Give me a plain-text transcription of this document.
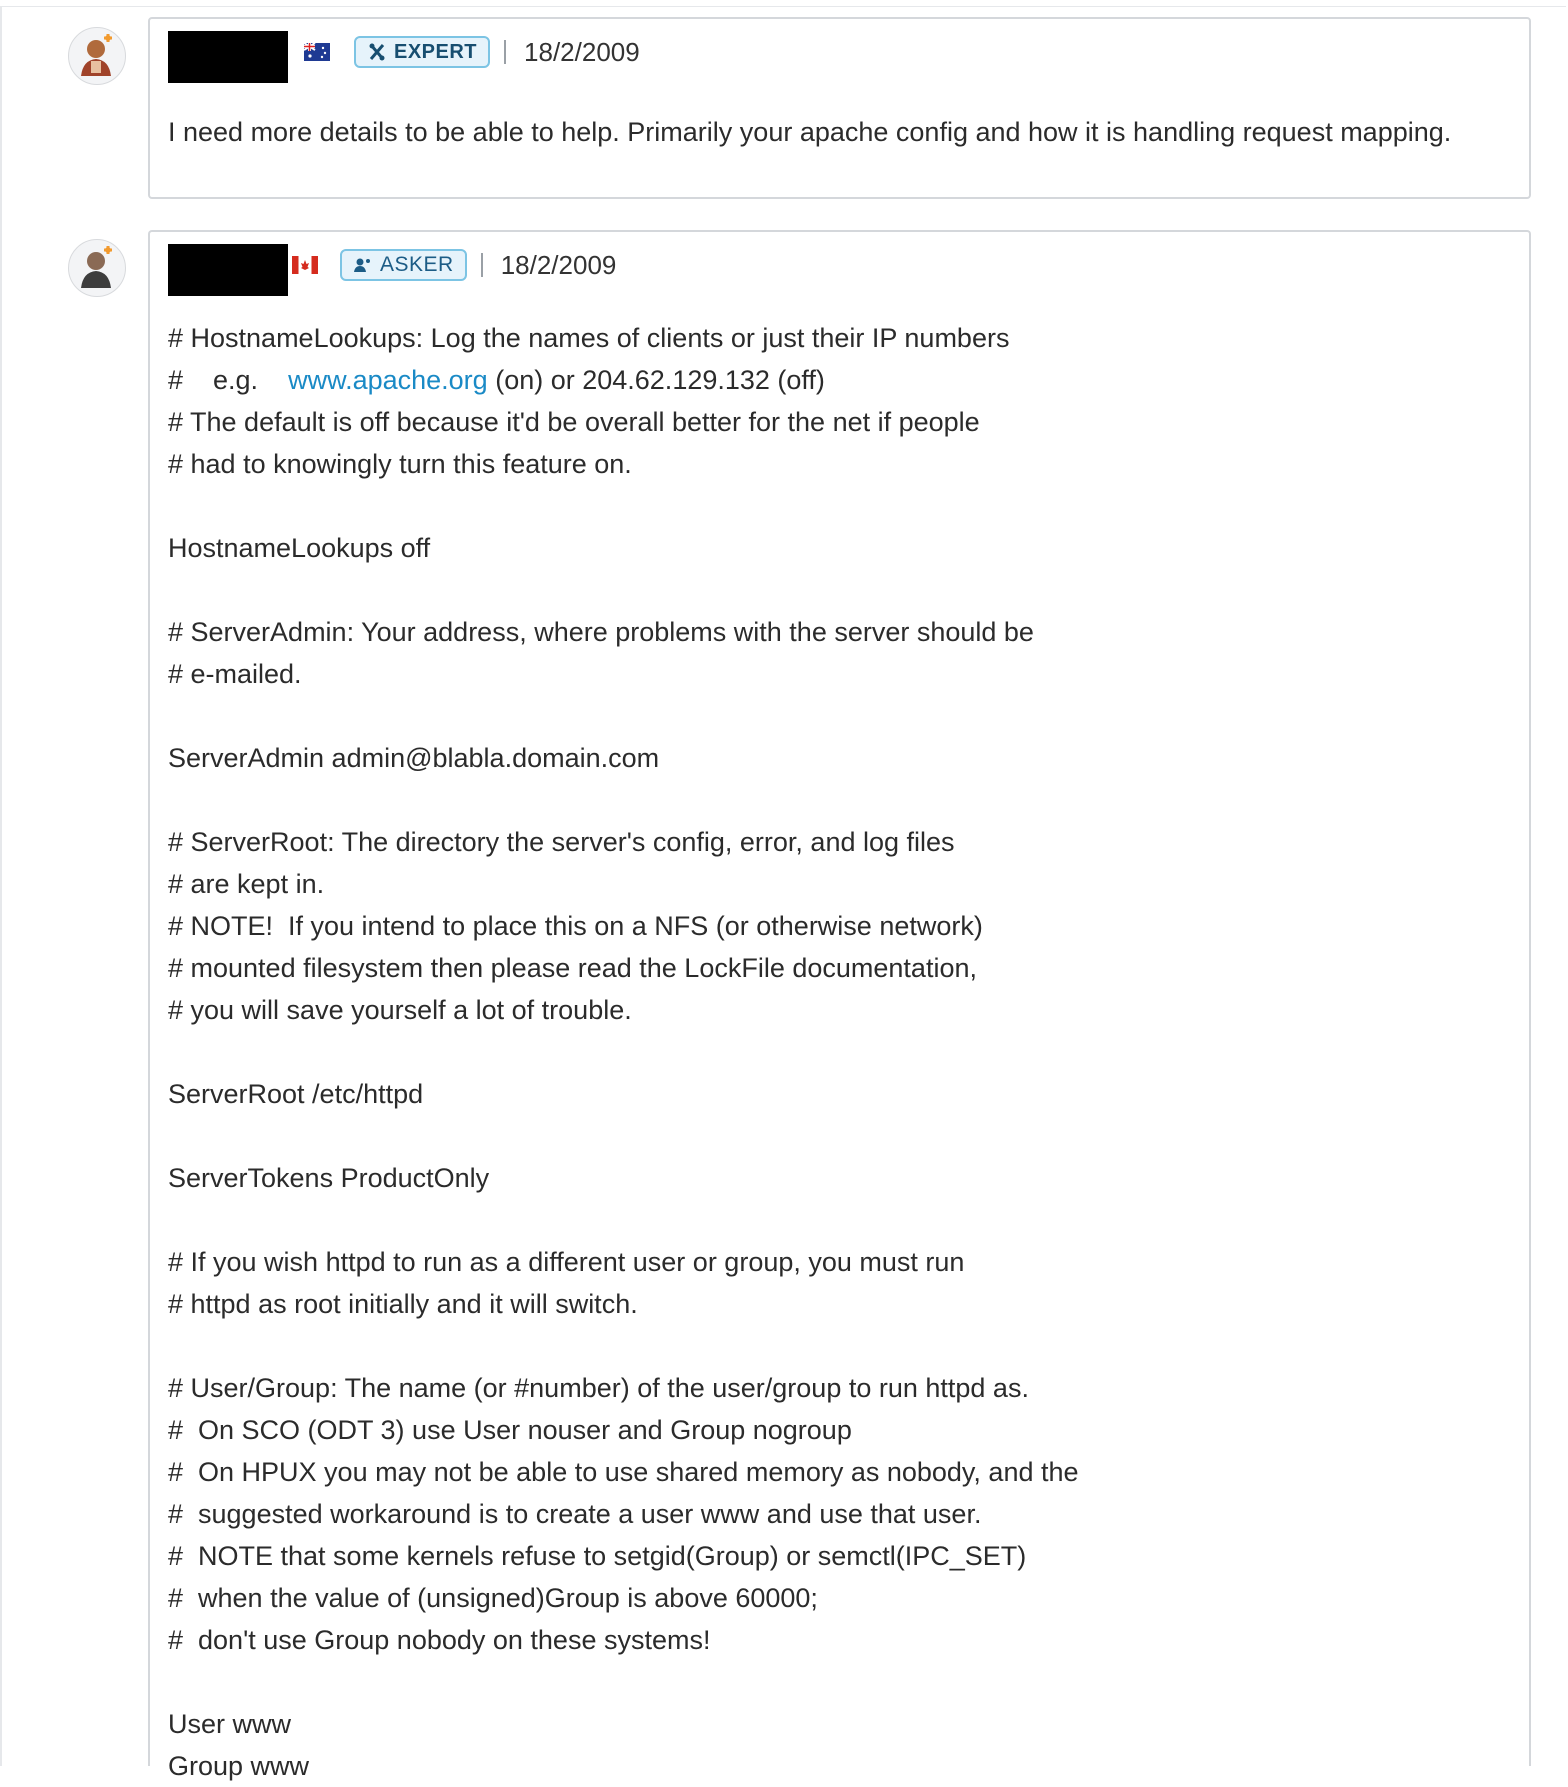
EXPERT 18/2/2009
I need more details to be able to help. Primarily your apache config and how it is handling request mapping.
ASKER 18/2/2009
# HostnameLookups: Log the names of clients or just their IP numbers
#    e.g.    www.apache.org (on) or 204.62.129.132 (off)
# The default is off because it'd be overall better for the net if people
# had to knowingly turn this feature on.
HostnameLookups off
# ServerAdmin: Your address, where problems with the server should be
# e-mailed.
ServerAdmin admin@blabla.domain.com
# ServerRoot: The directory the server's config, error, and log files
# are kept in.
# NOTE!  If you intend to place this on a NFS (or otherwise network)
# mounted filesystem then please read the LockFile documentation,
# you will save yourself a lot of trouble.
ServerRoot /etc/httpd
ServerTokens ProductOnly
# If you wish httpd to run as a different user or group, you must run
# httpd as root initially and it will switch.
# User/Group: The name (or #number) of the user/group to run httpd as.
#  On SCO (ODT 3) use User nouser and Group nogroup
#  On HPUX you may not be able to use shared memory as nobody, and the
#  suggested workaround is to create a user www and use that user.
#  NOTE that some kernels refuse to setgid(Group) or semctl(IPC_SET)
#  when the value of (unsigned)Group is above 60000;
#  don't use Group nobody on these systems!
User www
Group www
